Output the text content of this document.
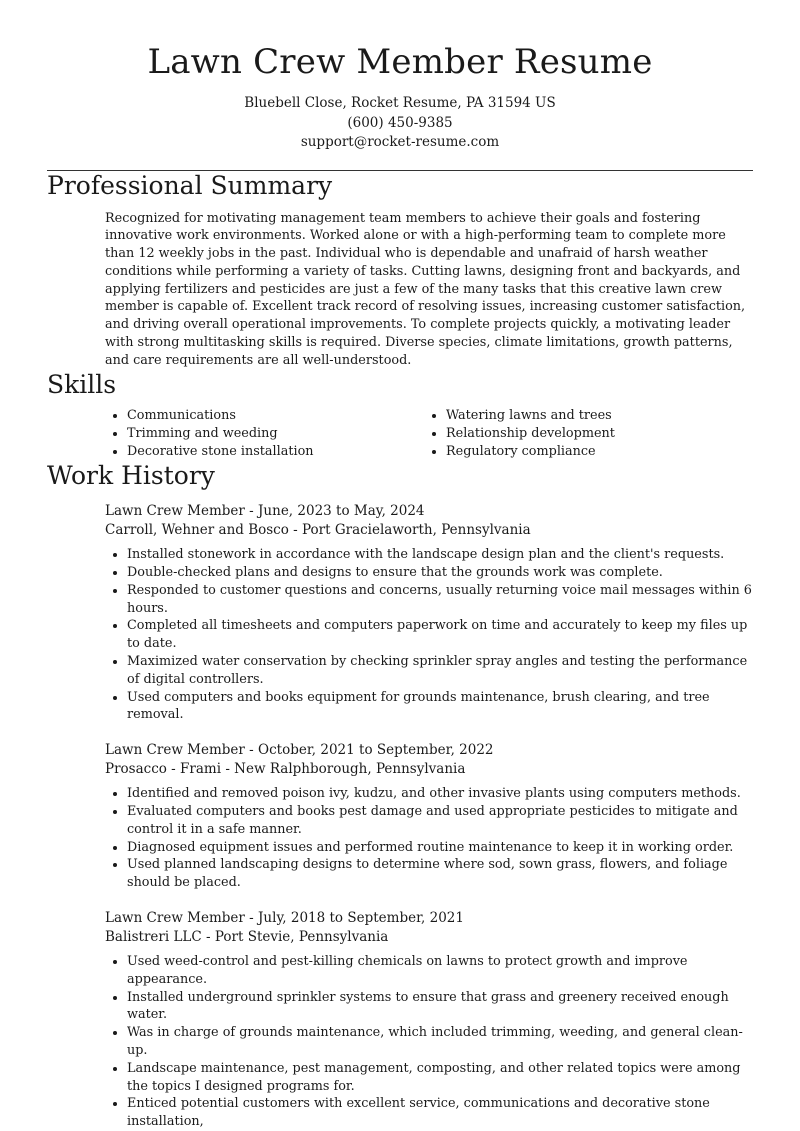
Lawn Crew Member Resume
Bluebell Close, Rocket Resume, PA 31594 US
(600) 450-9385
support@rocket-resume.com
Professional Summary

Recognized for motivating management team members to achieve their goals and fostering innovative work environments. Worked alone or with a high-performing team to complete more than 12 weekly jobs in the past. Individual who is dependable and unafraid of harsh weather conditions while performing a variety of tasks. Cutting lawns, designing front and backyards, and applying fertilizers and pesticides are just a few of the many tasks that this creative lawn crew member is capable of. Excellent track record of resolving issues, increasing customer satisfaction, and driving overall operational improvements. To complete projects quickly, a motivating leader with strong multitasking skills is required. Diverse species, climate limitations, growth patterns, and care requirements are all well-understood.

Skills
• Communications
• Trimming and weeding
• Decorative stone installation
• Watering lawns and trees
• Relationship development
• Regulatory compliance
Work History
Lawn Crew Member - June, 2023 to May, 2024
Carroll, Wehner and Bosco - Port Gracielaworth, Pennsylvania
• Installed stonework in accordance with the landscape design plan and the client's requests.
• Double-checked plans and designs to ensure that the grounds work was complete.
• Responded to customer questions and concerns, usually returning voice mail messages within 6 hours.
• Completed all timesheets and computers paperwork on time and accurately to keep my files up to date.
• Maximized water conservation by checking sprinkler spray angles and testing the performance of digital controllers.
• Used computers and books equipment for grounds maintenance, brush clearing, and tree removal.
Lawn Crew Member - October, 2021 to September, 2022
Prosacco - Frami - New Ralphborough, Pennsylvania
• Identified and removed poison ivy, kudzu, and other invasive plants using computers methods.
• Evaluated computers and books pest damage and used appropriate pesticides to mitigate and control it in a safe manner.
• Diagnosed equipment issues and performed routine maintenance to keep it in working order.
• Used planned landscaping designs to determine where sod, sown grass, flowers, and foliage should be placed.
Lawn Crew Member - July, 2018 to September, 2021
Balistreri LLC - Port Stevie, Pennsylvania
• Used weed-control and pest-killing chemicals on lawns to protect growth and improve appearance.
• Installed underground sprinkler systems to ensure that grass and greenery received enough water.
• Was in charge of grounds maintenance, which included trimming, weeding, and general clean-up.
• Landscape maintenance, pest management, composting, and other related topics were among the topics I designed programs for.
• Enticed potential customers with excellent service, communications and decorative stone installation,
